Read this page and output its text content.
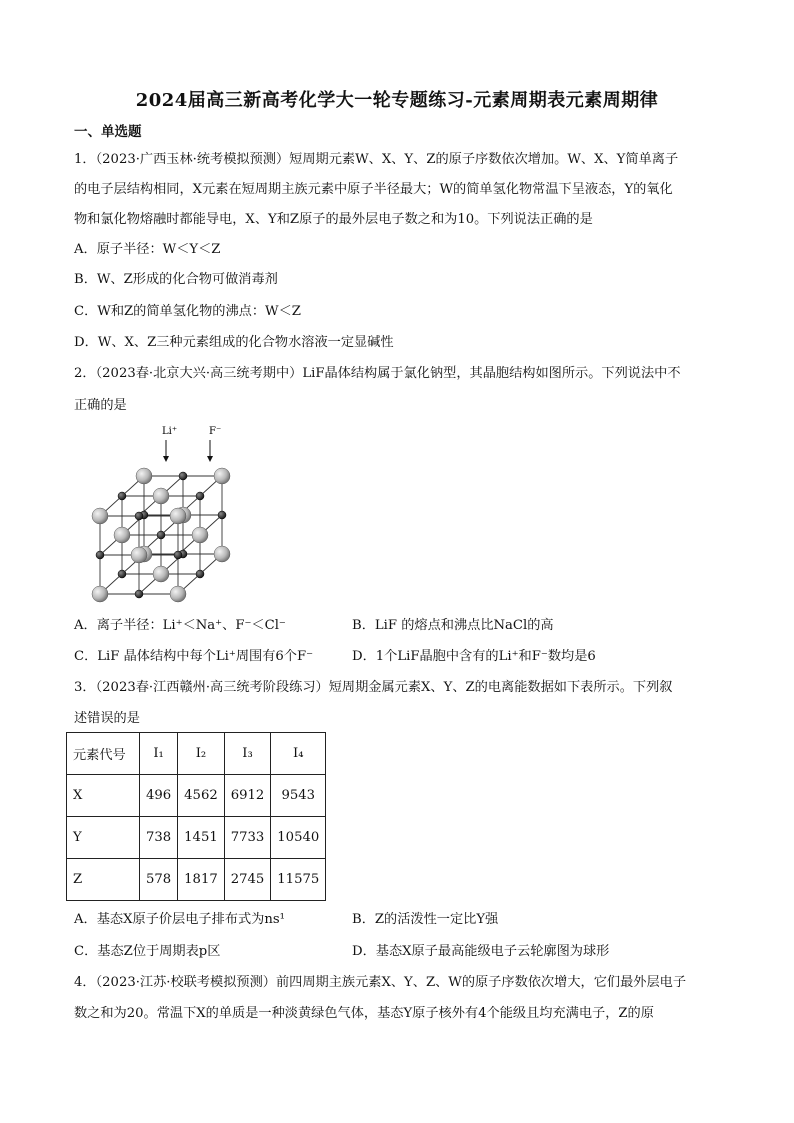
2024届高三新高考化学大一轮专题练习-元素周期表元素周期律
一、单选题
1．（2023·广西玉林·统考模拟预测）短周期元素W、X、Y、Z的原子序数依次增加。W、X、Y简单离子
的电子层结构相同，X元素在短周期主族元素中原子半径最大；W的简单氢化物常温下呈液态，Y的氧化
物和氯化物熔融时都能导电，X、Y和Z原子的最外层电子数之和为10。下列说法正确的是
A．原子半径：W＜Y＜Z
B．W、Z形成的化合物可做消毒剂
C．W和Z的简单氢化物的沸点：W＜Z
D．W、X、Z三种元素组成的化合物水溶液一定显碱性
2．（2023春·北京大兴·高三统考期中）LiF晶体结构属于氯化钠型，其晶胞结构如图所示。下列说法中不
正确的是
Li⁺	F⁻
A．离子半径：Li⁺＜Na⁺、F⁻＜Cl⁻	B．LiF 的熔点和沸点比NaCl的高
C．LiF 晶体结构中每个Li⁺周围有6个F⁻	D．1个LiF晶胞中含有的Li⁺和F⁻数均是6
3．（2023春·江西赣州·高三统考阶段练习）短周期金属元素X、Y、Z的电离能数据如下表所示。下列叙
述错误的是
元素代号	I₁	I₂	I₃	I₄
X	496	4562	6912	9543
Y	738	1451	7733	10540
Z	578	1817	2745	11575
A．基态X原子价层电子排布式为ns¹	B．Z的活泼性一定比Y强
C．基态Z位于周期表p区	D．基态X原子最高能级电子云轮廓图为球形
4．（2023·江苏·校联考模拟预测）前四周期主族元素X、Y、Z、W的原子序数依次增大，它们最外层电子
数之和为20。常温下X的单质是一种淡黄绿色气体，基态Y原子核外有4个能级且均充满电子，Z的原
